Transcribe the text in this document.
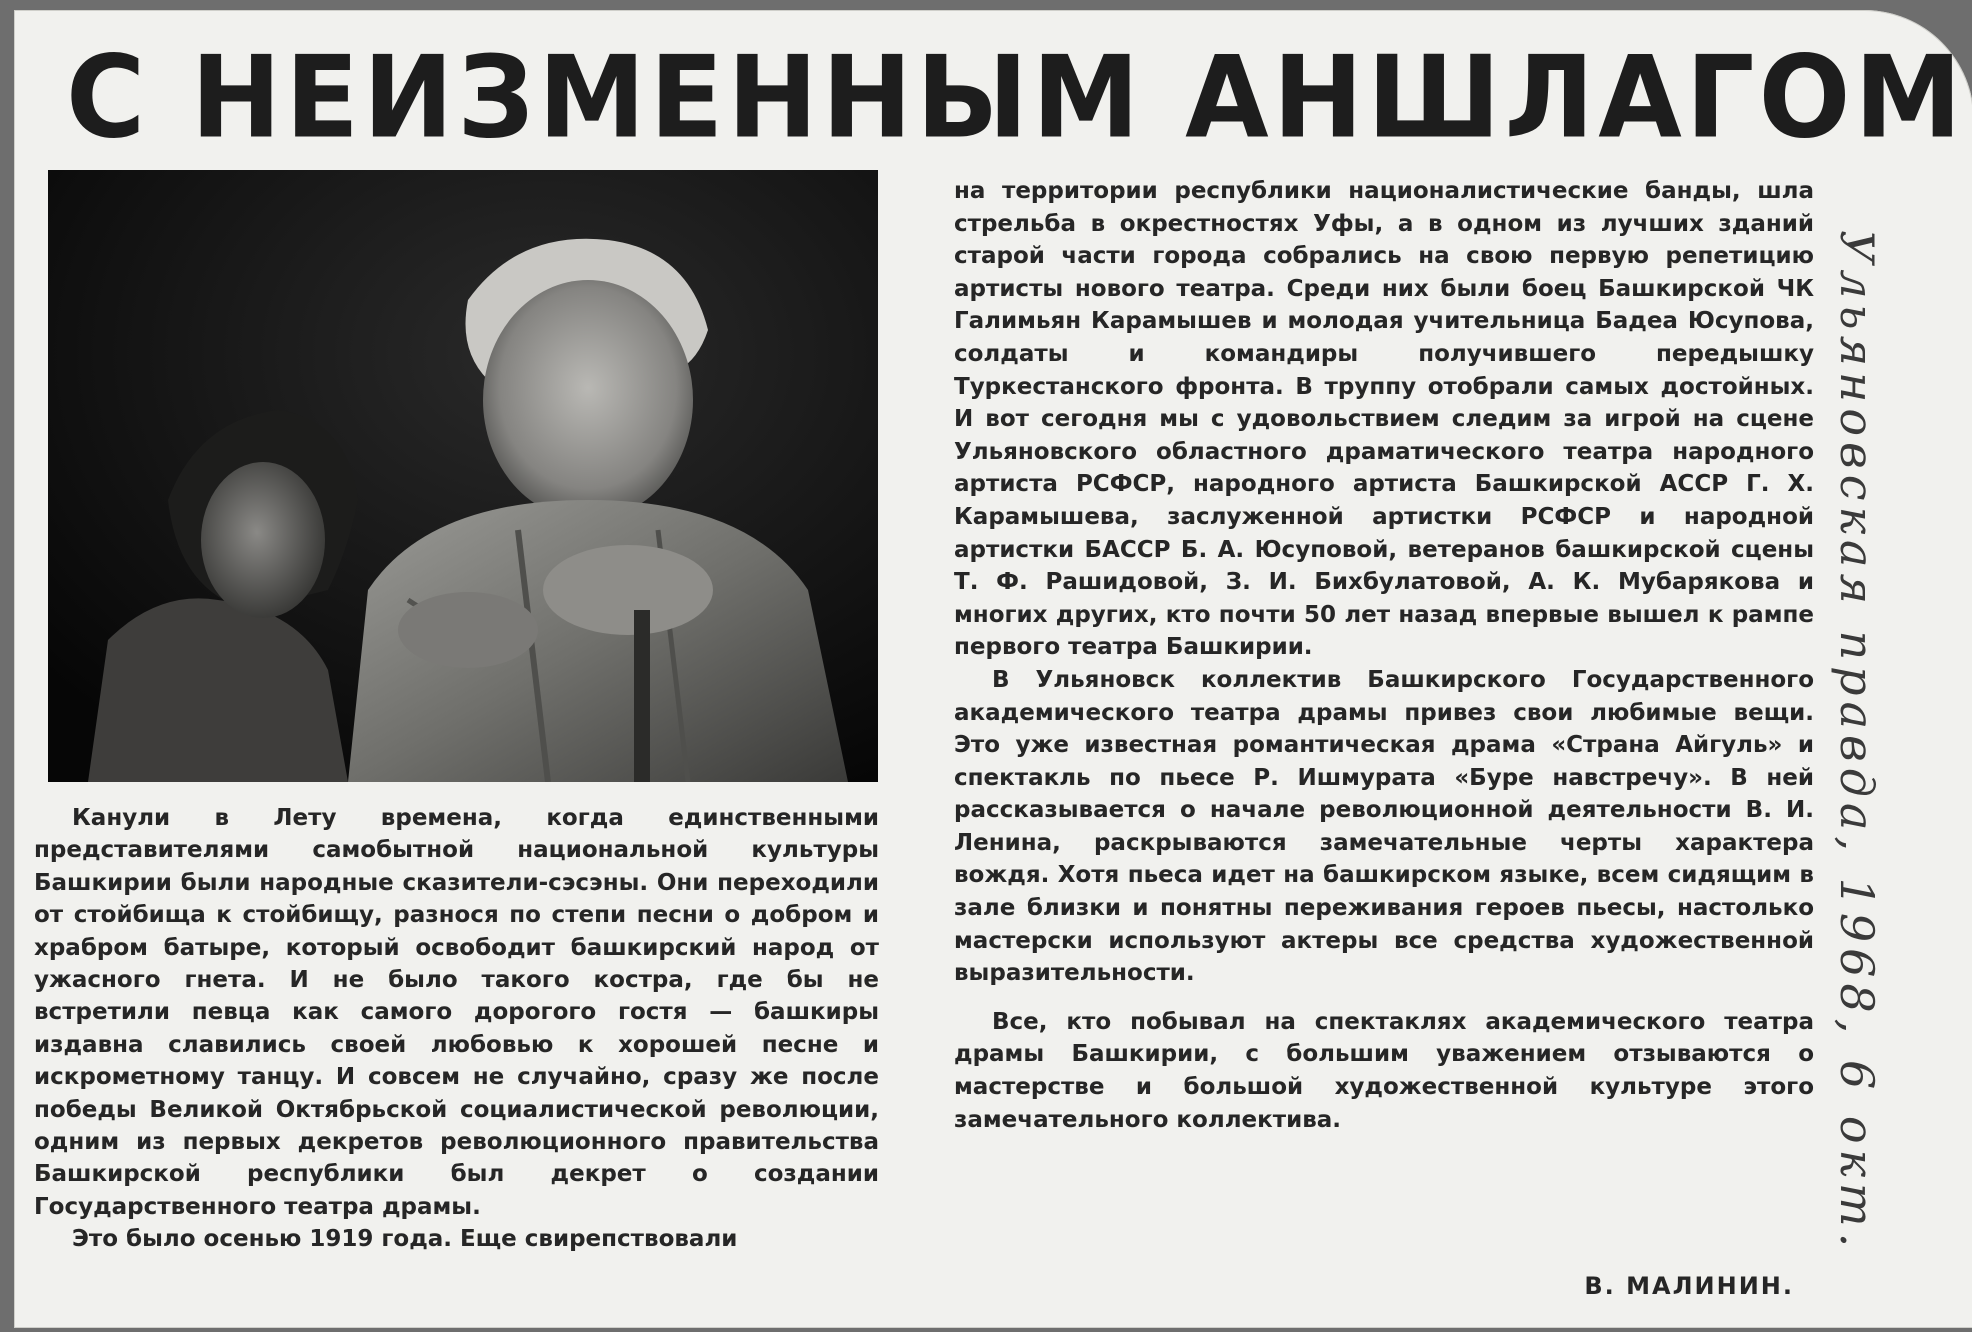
С НЕИЗМЕННЫМ АНШЛАГОМ

Канули в Лету времена, когда единственными представителями самобытной национальной культуры Башкирии были народные сказители-сэсэны. Они переходили от стойбища к стойбищу, разнося по степи песни о добром и храбром батыре, который освободит башкирский народ от ужасного гнета. И не было такого костра, где бы не встретили певца как самого дорогого гостя — башкиры издавна славились своей любовью к хорошей песне и искрометному танцу. И совсем не случайно, сразу же после победы Великой Октябрьской социалистической революции, одним из первых декретов революционного правительства Башкирской республики был декрет о создании Государственного театра драмы.

Это было осенью 1919 года. Еще свирепствовали

на территории республики националистические банды, шла стрельба в окрестностях Уфы, а в одном из лучших зданий старой части города собрались на свою первую репетицию артисты нового театра. Среди них были боец Башкирской ЧК Галимьян Карамышев и молодая учительница Бадеа Юсупова, солдаты и командиры получившего передышку Туркестанского фронта. В труппу отобрали самых достойных. И вот сегодня мы с удовольствием следим за игрой на сцене Ульяновского областного драматического театра народного артиста РСФСР, народного артиста Башкирской АССР Г. Х. Карамышева, заслуженной артистки РСФСР и народной артистки БАССР Б. А. Юсуповой, ветеранов башкирской сцены Т. Ф. Рашидовой, З. И. Бихбулатовой, А. К. Мубарякова и многих других, кто почти 50 лет назад впервые вышел к рампе первого театра Башкирии.

В Ульяновск коллектив Башкирского Государственного академического театра драмы привез свои любимые вещи. Это уже известная романтическая драма «Страна Айгуль» и спектакль по пьесе Р. Ишмурата «Буре навстречу». В ней рассказывается о начале революционной деятельности В. И. Ленина, раскрываются замечательные черты характера вождя. Хотя пьеса идет на башкирском языке, всем сидящим в зале близки и понятны переживания героев пьесы, настолько мастерски используют актеры все средства художественной выразительности.

Все, кто побывал на спектаклях академического театра драмы Башкирии, с большим уважением отзываются о мастерстве и большой художественной культуре этого замечательного коллектива.

В. МАЛИНИН.
Ульяновская правда, 1968, 6 окт.
